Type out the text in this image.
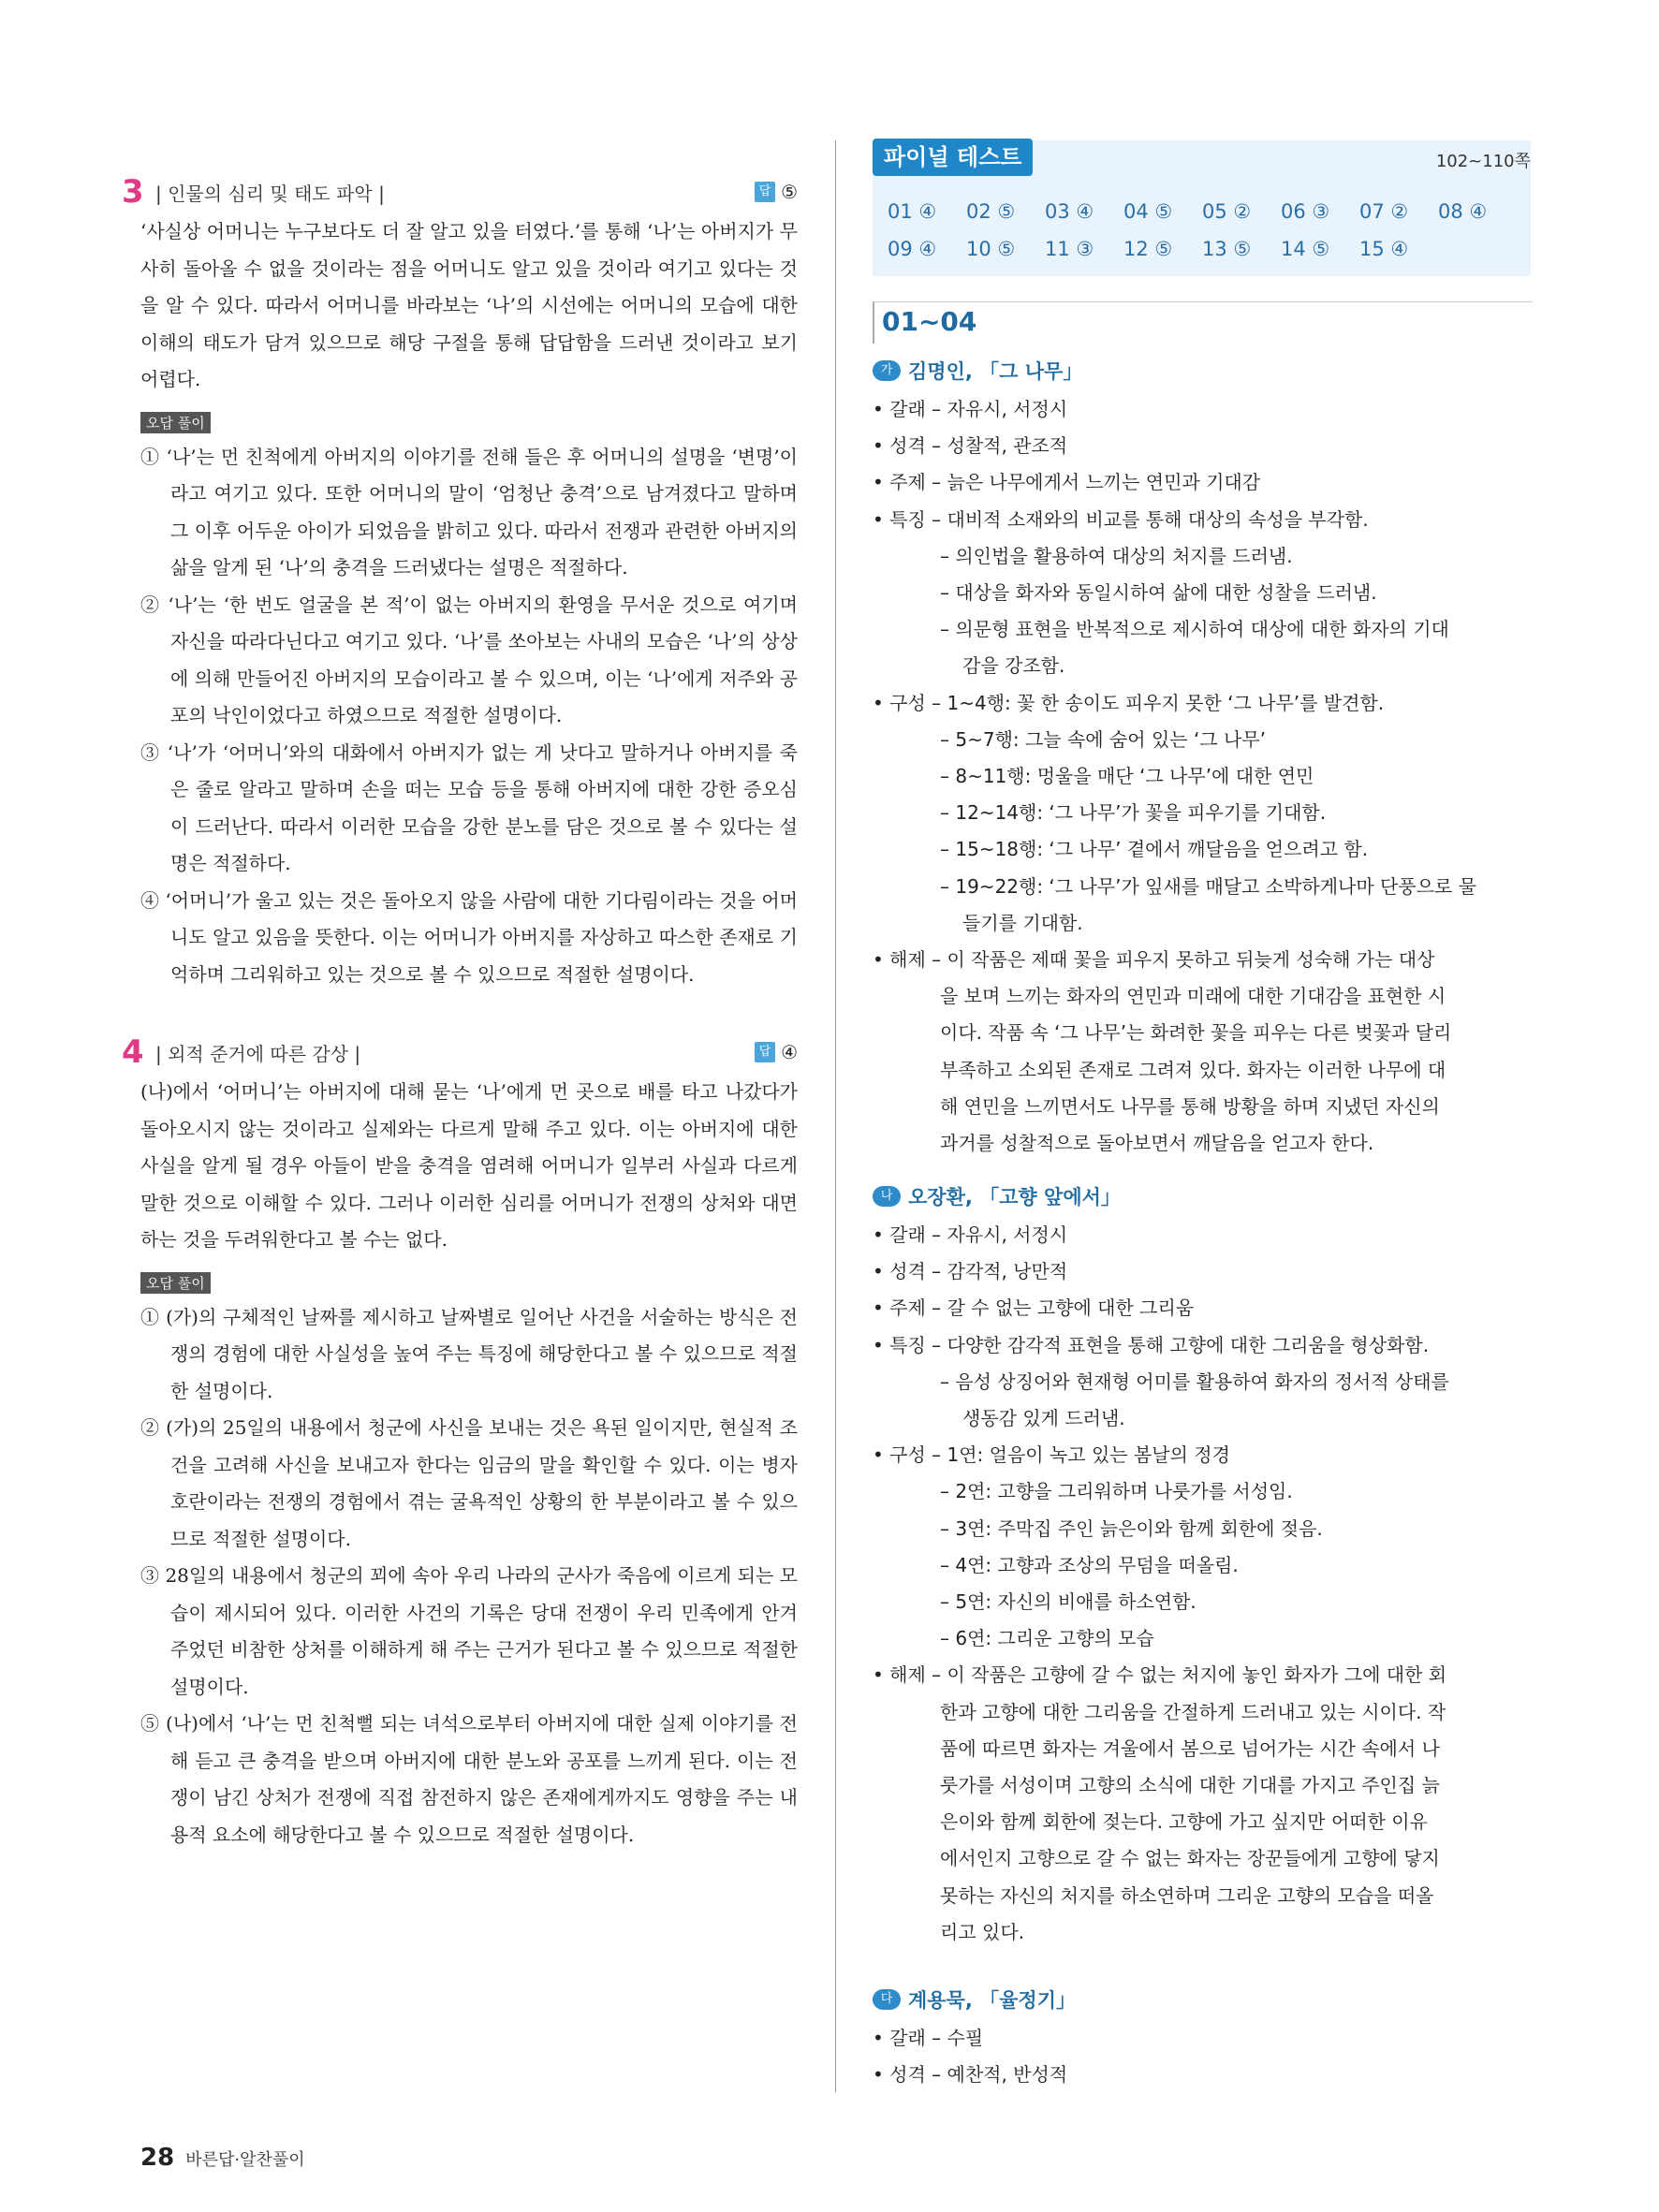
3 | 인물의 심리 및 태도 파악 |	답 ⑤

‘사실상 어머니는 누구보다도 더 잘 알고 있을 터였다.’를 통해 ‘나’는 아버지가 무사히 돌아올 수 없을 것이라는 점을 어머니도 알고 있을 것이라 여기고 있다는 것을 알 수 있다. 따라서 어머니를 바라보는 ‘나’의 시선에는 어머니의 모습에 대한 이해의 태도가 담겨 있으므로 해당 구절을 통해 답답함을 드러낸 것이라고 보기 어렵다.

오답 풀이

① ‘나’는 먼 친척에게 아버지의 이야기를 전해 들은 후 어머니의 설명을 ‘변명’이라고 여기고 있다. 또한 어머니의 말이 ‘엄청난 충격’으로 남겨졌다고 말하며 그 이후 어두운 아이가 되었음을 밝히고 있다. 따라서 전쟁과 관련한 아버지의 삶을 알게 된 ‘나’의 충격을 드러냈다는 설명은 적절하다.

② ‘나’는 ‘한 번도 얼굴을 본 적’이 없는 아버지의 환영을 무서운 것으로 여기며 자신을 따라다닌다고 여기고 있다. ‘나’를 쏘아보는 사내의 모습은 ‘나’의 상상에 의해 만들어진 아버지의 모습이라고 볼 수 있으며, 이는 ‘나’에게 저주와 공포의 낙인이었다고 하였으므로 적절한 설명이다.

③ ‘나’가 ‘어머니’와의 대화에서 아버지가 없는 게 낫다고 말하거나 아버지를 죽은 줄로 알라고 말하며 손을 떠는 모습 등을 통해 아버지에 대한 강한 증오심이 드러난다. 따라서 이러한 모습을 강한 분노를 담은 것으로 볼 수 있다는 설명은 적절하다.

④ ‘어머니’가 울고 있는 것은 돌아오지 않을 사람에 대한 기다림이라는 것을 어머니도 알고 있음을 뜻한다. 이는 어머니가 아버지를 자상하고 따스한 존재로 기억하며 그리워하고 있는 것으로 볼 수 있으므로 적절한 설명이다.

4 | 외적 준거에 따른 감상 |	답 ④

(나)에서 ‘어머니’는 아버지에 대해 묻는 ‘나’에게 먼 곳으로 배를 타고 나갔다가 돌아오시지 않는 것이라고 실제와는 다르게 말해 주고 있다. 이는 아버지에 대한 사실을 알게 될 경우 아들이 받을 충격을 염려해 어머니가 일부러 사실과 다르게 말한 것으로 이해할 수 있다. 그러나 이러한 심리를 어머니가 전쟁의 상처와 대면하는 것을 두려워한다고 볼 수는 없다.

오답 풀이

① (가)의 구체적인 날짜를 제시하고 날짜별로 일어난 사건을 서술하는 방식은 전쟁의 경험에 대한 사실성을 높여 주는 특징에 해당한다고 볼 수 있으므로 적절한 설명이다.

② (가)의 25일의 내용에서 청군에 사신을 보내는 것은 욕된 일이지만, 현실적 조건을 고려해 사신을 보내고자 한다는 임금의 말을 확인할 수 있다. 이는 병자호란이라는 전쟁의 경험에서 겪는 굴욕적인 상황의 한 부분이라고 볼 수 있으므로 적절한 설명이다.

③ 28일의 내용에서 청군의 꾀에 속아 우리 나라의 군사가 죽음에 이르게 되는 모습이 제시되어 있다. 이러한 사건의 기록은 당대 전쟁이 우리 민족에게 안겨 주었던 비참한 상처를 이해하게 해 주는 근거가 된다고 볼 수 있으므로 적절한 설명이다.

⑤ (나)에서 ‘나’는 먼 친척뻘 되는 녀석으로부터 아버지에 대한 실제 이야기를 전해 듣고 큰 충격을 받으며 아버지에 대한 분노와 공포를 느끼게 된다. 이는 전쟁이 남긴 상처가 전쟁에 직접 참전하지 않은 존재에게까지도 영향을 주는 내용적 요소에 해당한다고 볼 수 있으므로 적절한 설명이다.

파이널 테스트	102~110쪽
01 ④	02 ⑤	03 ④	04 ⑤	05 ②	06 ③	07 ②	08 ④
09 ④	10 ⑤	11 ③	12 ⑤	13 ⑤	14 ⑤	15 ④
01~04
가 김명인, 「그 나무」
• 갈래 – 자유시, 서정시
• 성격 – 성찰적, 관조적
• 주제 – 늙은 나무에게서 느끼는 연민과 기대감
• 특징 – 대비적 소재와의 비교를 통해 대상의 속성을 부각함.
– 의인법을 활용하여 대상의 처지를 드러냄.
– 대상을 화자와 동일시하여 삶에 대한 성찰을 드러냄.
– 의문형 표현을 반복적으로 제시하여 대상에 대한 화자의 기대
감을 강조함.
• 구성 – 1~4행: 꽃 한 송이도 피우지 못한 ‘그 나무’를 발견함.
– 5~7행: 그늘 속에 숨어 있는 ‘그 나무’
– 8~11행: 멍울을 매단 ‘그 나무’에 대한 연민
– 12~14행: ‘그 나무’가 꽃을 피우기를 기대함.
– 15~18행: ‘그 나무’ 곁에서 깨달음을 얻으려고 함.
– 19~22행: ‘그 나무’가 잎새를 매달고 소박하게나마 단풍으로 물
들기를 기대함.
• 해제 – 이 작품은 제때 꽃을 피우지 못하고 뒤늦게 성숙해 가는 대상
을 보며 느끼는 화자의 연민과 미래에 대한 기대감을 표현한 시
이다. 작품 속 ‘그 나무’는 화려한 꽃을 피우는 다른 벚꽃과 달리
부족하고 소외된 존재로 그려져 있다. 화자는 이러한 나무에 대
해 연민을 느끼면서도 나무를 통해 방황을 하며 지냈던 자신의
과거를 성찰적으로 돌아보면서 깨달음을 얻고자 한다.
나 오장환, 「고향 앞에서」
• 갈래 – 자유시, 서정시
• 성격 – 감각적, 낭만적
• 주제 – 갈 수 없는 고향에 대한 그리움
• 특징 – 다양한 감각적 표현을 통해 고향에 대한 그리움을 형상화함.
– 음성 상징어와 현재형 어미를 활용하여 화자의 정서적 상태를
생동감 있게 드러냄.
• 구성 – 1연: 얼음이 녹고 있는 봄날의 정경
– 2연: 고향을 그리워하며 나룻가를 서성임.
– 3연: 주막집 주인 늙은이와 함께 회한에 젖음.
– 4연: 고향과 조상의 무덤을 떠올림.
– 5연: 자신의 비애를 하소연함.
– 6연: 그리운 고향의 모습
• 해제 – 이 작품은 고향에 갈 수 없는 처지에 놓인 화자가 그에 대한 회
한과 고향에 대한 그리움을 간절하게 드러내고 있는 시이다. 작
품에 따르면 화자는 겨울에서 봄으로 넘어가는 시간 속에서 나
룻가를 서성이며 고향의 소식에 대한 기대를 가지고 주인집 늙
은이와 함께 회한에 젖는다. 고향에 가고 싶지만 어떠한 이유
에서인지 고향으로 갈 수 없는 화자는 장꾼들에게 고향에 닿지
못하는 자신의 처지를 하소연하며 그리운 고향의 모습을 떠올
리고 있다.
다 계용묵, 「율정기」
• 갈래 – 수필
• 성격 – 예찬적, 반성적
28 바른답·알찬풀이
